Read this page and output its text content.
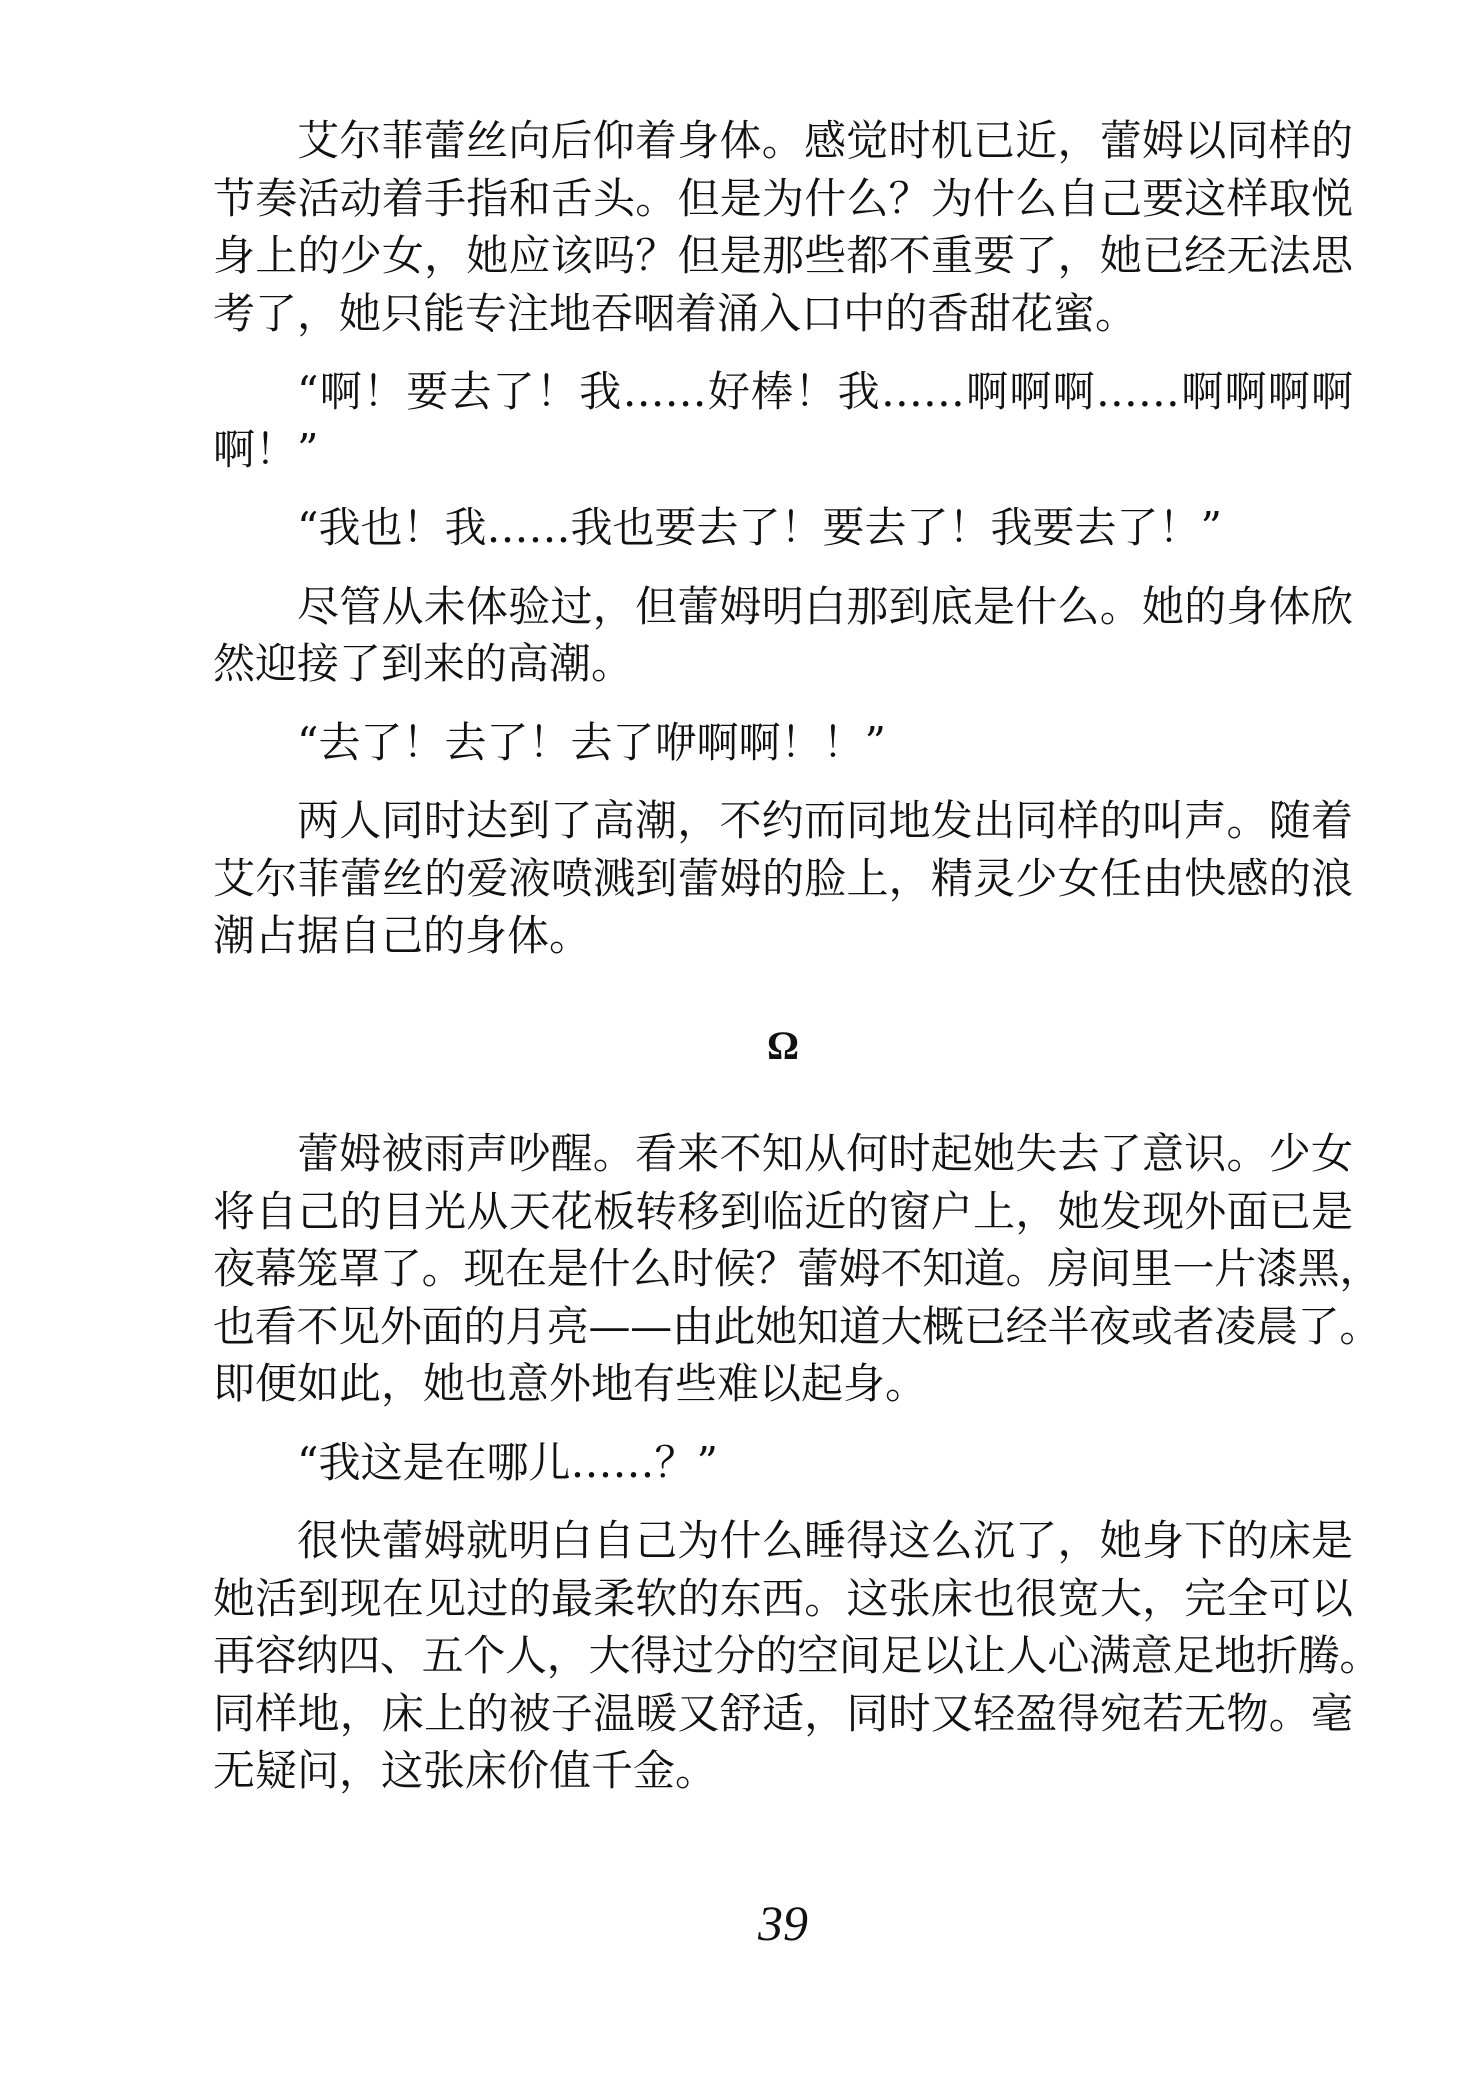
艾尔菲蕾丝向后仰着身体。感觉时机已近，蕾姆以同样的
节奏活动着手指和舌头。但是为什么？为什么自己要这样取悦
身上的少女，她应该吗？但是那些都不重要了，她已经无法思
考了，她只能专注地吞咽着涌入口中的香甜花蜜。
“啊！要去了！我……好棒！我……啊啊啊……啊啊啊啊
啊！”
“我也！我……我也要去了！要去了！我要去了！”
尽管从未体验过，但蕾姆明白那到底是什么。她的身体欣
然迎接了到来的高潮。
“去了！去了！去了咿啊啊！！”
两人同时达到了高潮，不约而同地发出同样的叫声。随着
艾尔菲蕾丝的爱液喷溅到蕾姆的脸上，精灵少女任由快感的浪
潮占据自己的身体。
Ω
蕾姆被雨声吵醒。看来不知从何时起她失去了意识。少女
将自己的目光从天花板转移到临近的窗户上，她发现外面已是
夜幕笼罩了。现在是什么时候？蕾姆不知道。房间里一片漆黑，
也看不见外面的月亮——由此她知道大概已经半夜或者凌晨了。
即便如此，她也意外地有些难以起身。
“我这是在哪儿……？”
很快蕾姆就明白自己为什么睡得这么沉了，她身下的床是
她活到现在见过的最柔软的东西。这张床也很宽大，完全可以
再容纳四、五个人，大得过分的空间足以让人心满意足地折腾。
同样地，床上的被子温暖又舒适，同时又轻盈得宛若无物。毫
无疑问，这张床价值千金。
39
